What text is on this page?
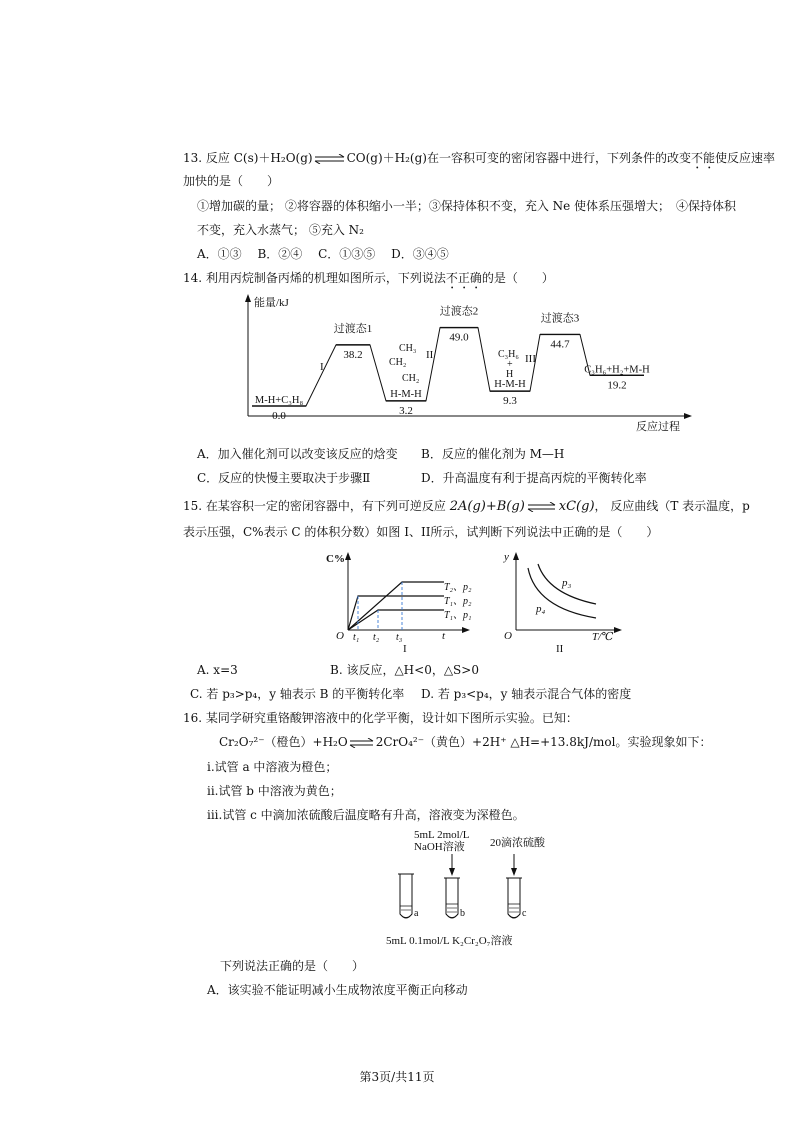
13. 反应 C(s)＋H₂O(g)⇌CO(g)＋H₂(g)在一容积可变的密闭容器中进行，下列条件的改变不能使反应速率
加快的是（　　）
①增加碳的量； ②将容器的体积缩小一半；③保持体积不变，充入 Ne 使体系压强增大；　④保持体积
不变，充入水蒸气； ⑤充入 N₂
A．①③　 B．②④　 C．①③⑤　 D．③④⑤
14. 利用丙烷制备丙烯的机理如图所示，下列说法不正确的是（　　）
能量/kJ
反应过程
M-H+C₃H₈
0.0
过渡态1
38.2
H-M-H
3.2
过渡态2
49.0
H-M-H
9.3
过渡态3
44.7
C₃H₆+H₂+M-H
19.2
I
II	III
CH₃
CH₂
CH₂
C₃H₆
+
H
A．加入催化剂可以改变该反应的焓变 B．反应的催化剂为 M—H
C．反应的快慢主要取决于步骤Ⅱ	D．升高温度有利于提高丙烷的平衡转化率
15. 在某容积一定的密闭容器中，有下列可逆反应 2A(g)+B(g) ⇌ xC(g)， 反应曲线（T 表示温度，p
表示压强，C%表示 C 的体积分数）如图 I、II所示，试判断下列说法中正确的是（　　）
C%
O	t
t₁ t₂ t₃
T₂、p₂
T₁、p₂
T₁、p₁
I
y
O	T/℃
p₃
p₄
II
A. x=3	B. 该反应，△H<0，△S>0
C. 若 p₃>p₄，y 轴表示 B 的平衡转化率 D. 若 p₃<p₄，y 轴表示混合气体的密度
16. 某同学研究重铬酸钾溶液中的化学平衡，设计如下图所示实验。已知：
Cr₂O₇²⁻（橙色）+H₂O⇌2CrO₄²⁻（黄色）+2H⁺ △H=+13.8kJ/mol。实验现象如下：
i.试管 a 中溶液为橙色；
ii.试管 b 中溶液为黄色；
iii.试管 c 中滴加浓硫酸后温度略有升高，溶液变为深橙色。
5mL 2mol/L
NaOH溶液 20滴浓硫酸
a	b	c
5mL 0.1mol/L K₂Cr₂O₇溶液
下列说法正确的是（　　）
A．该实验不能证明减小生成物浓度平衡正向移动
第3页/共11页
